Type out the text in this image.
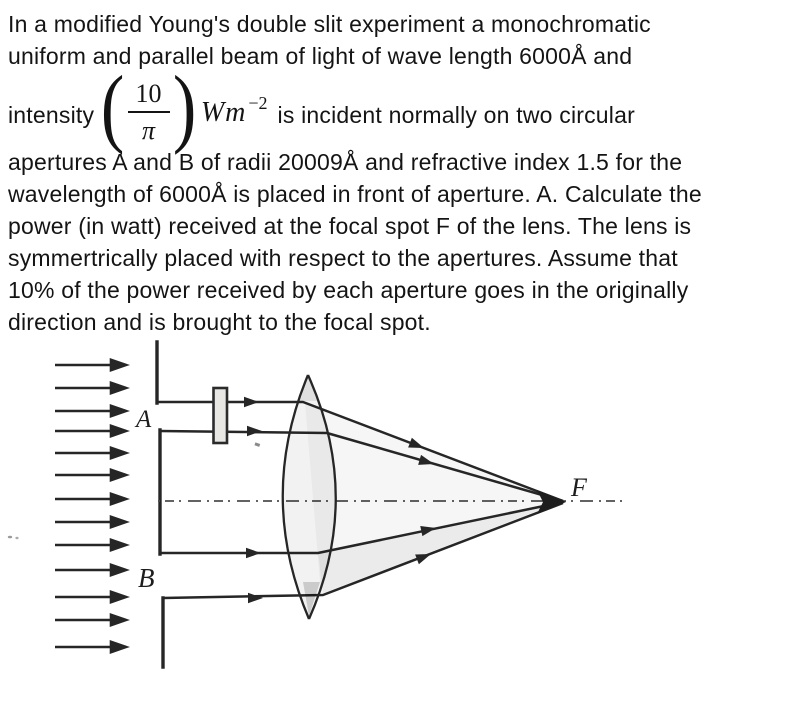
In a modified Young's double slit experiment a monochromatic
uniform and parallel beam of light of wave length 6000Å and
intensity ( $\frac{10}{\pi}$ ) Wm $^{-2}$ is incident normally on two circular
apertures A and B of radii 20009Å and refractive index 1.5 for the
wavelength of 6000Å is placed in front of aperture. A. Calculate the
power (in watt) received at the focal spot F of the lens. The lens is
symmertrically placed with respect to the apertures. Assume that
10% of the power received by each aperture goes in the originally
direction and is brought to the focal spot.
A
B
F
